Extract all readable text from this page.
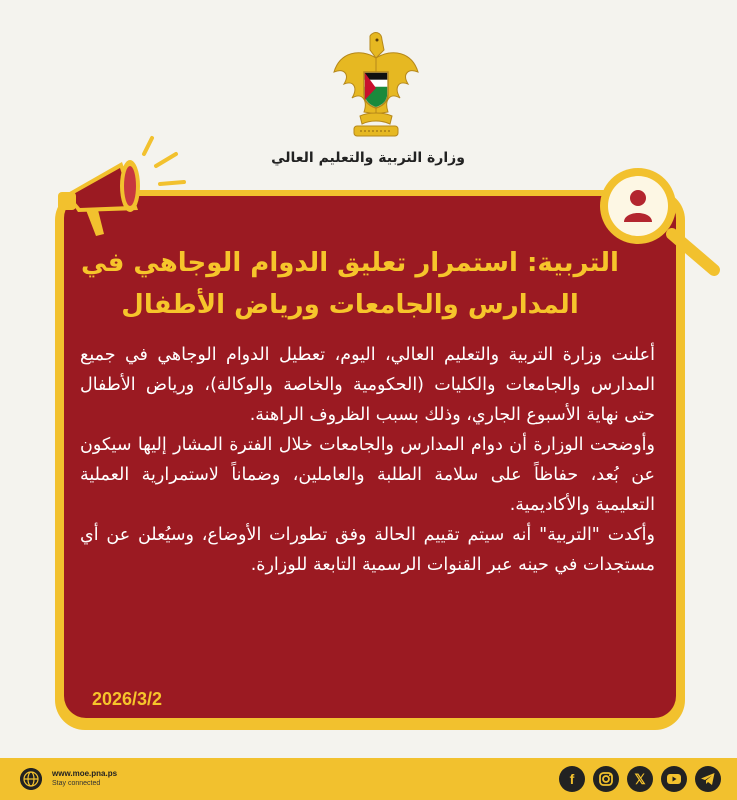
وزارة التربية والتعليم العالي
التربية: استمرار تعليق الدوام الوجاهي في
المدارس والجامعات ورياض الأطفال

أعلنت وزارة التربية والتعليم العالي، اليوم، تعطيل الدوام الوجاهي في جميع المدارس والجامعات والكليات (الحكومية والخاصة والوكالة)، ورياض الأطفال حتى نهاية الأسبوع الجاري، وذلك بسبب الظروف الراهنة.

وأوضحت الوزارة أن دوام المدارس والجامعات خلال الفترة المشار إليها سيكون عن بُعد، حفاظاً على سلامة الطلبة والعاملين، وضماناً لاستمرارية العملية التعليمية والأكاديمية.

وأكدت "التربية" أنه سيتم تقييم الحالة وفق تطورات الأوضاع، وسيُعلن عن أي مستجدات في حينه عبر القنوات الرسمية التابعة للوزارة.

2026/3/2
www.moe.pna.ps
Stay connected	f	𝕏
